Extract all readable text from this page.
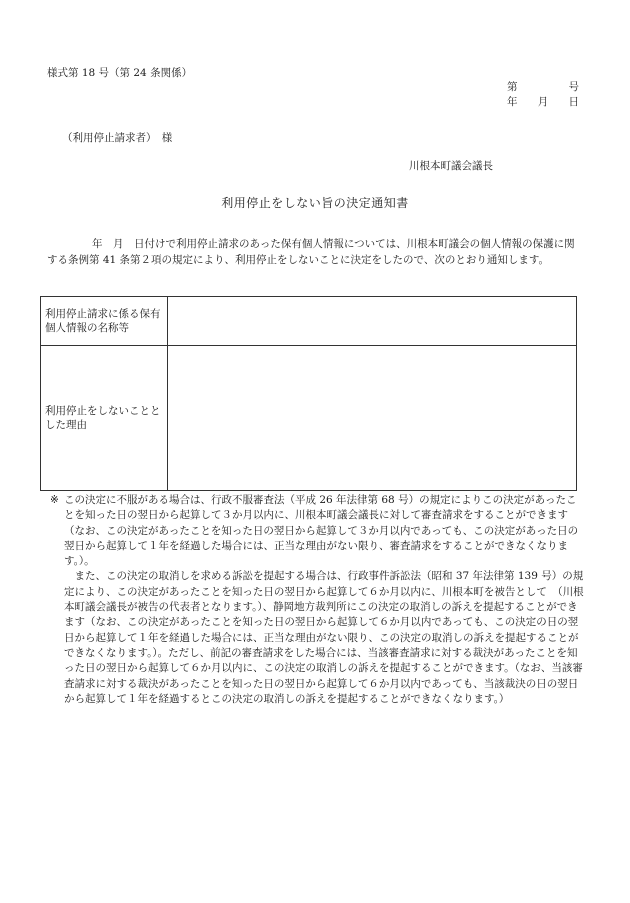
様式第 18 号（第 24 条関係）
第	号
年 月 日
（利用停止請求者）　様
川根本町議会議長
利用停止をしない旨の決定通知書
年　月　日付けで利用停止請求のあった保有個人情報については、川根本町議会の個人情報の保護に関する条例第 41 条第２項の規定により、利用停止をしないことに決定をしたので、次のとおり通知します。
利用停止請求に係る保有個人情報の名称等	
利用停止をしないこととした理由	
※ この決定に不服がある場合は、行政不服審査法（平成 26 年法律第 68 号）の規定によりこの決定があったことを知った日の翌日から起算して３か月以内に、川根本町議会議長に対して審査請求をすることができます（なお、この決定があったことを知った日の翌日から起算して３か月以内であっても、この決定があった日の翌日から起算して１年を経過した場合には、正当な理由がない限り、審査請求をすることができなくなります。）。
また、この決定の取消しを求める訴訟を提起する場合は、行政事件訴訟法（昭和 37 年法律第 139 号）の規定により、この決定があったことを知った日の翌日から起算して６か月以内に、川根本町を被告として　（川根本町議会議長が被告の代表者となります。）、静岡地方裁判所にこの決定の取消しの訴えを提起することができます（なお、この決定があったことを知った日の翌日から起算して６か月以内であっても、この決定の日の翌日から起算して１年を経過した場合には、正当な理由がない限り、この決定の取消しの訴えを提起することができなくなります。）。ただし、前記の審査請求をした場合には、当該審査請求に対する裁決があったことを知った日の翌日から起算して６か月以内に、この決定の取消しの訴えを提起することができます。（なお、当該審査請求に対する裁決があったことを知った日の翌日から起算して６か月以内であっても、当該裁決の日の翌日から起算して１年を経過するとこの決定の取消しの訴えを提起することができなくなります。）
